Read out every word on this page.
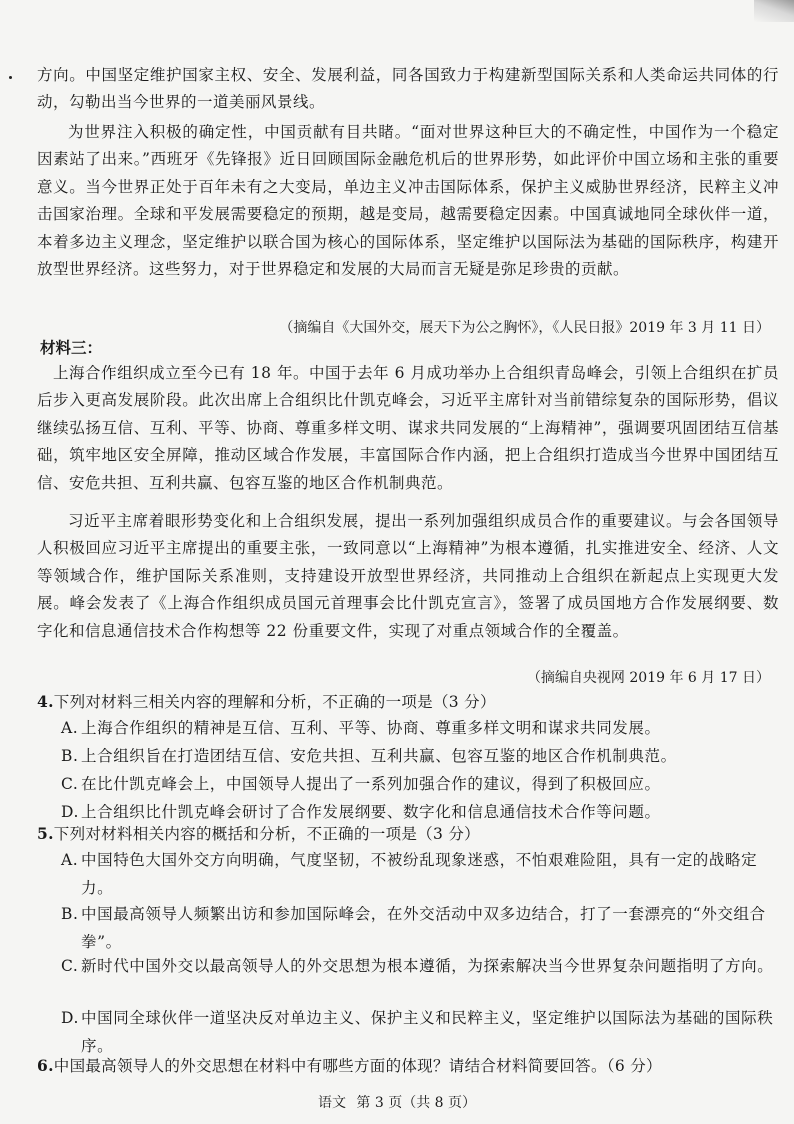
方向。中国坚定维护国家主权、安全、发展利益，同各国致力于构建新型国际关系和人类命运共同体的行动，勾勒出当今世界的一道美丽风景线。

为世界注入积极的确定性，中国贡献有目共睹。“面对世界这种巨大的不确定性，中国作为一个稳定因素站了出来。”西班牙《先锋报》近日回顾国际金融危机后的世界形势，如此评价中国立场和主张的重要意义。当今世界正处于百年未有之大变局，单边主义冲击国际体系，保护主义威胁世界经济，民粹主义冲击国家治理。全球和平发展需要稳定的预期，越是变局，越需要稳定因素。中国真诚地同全球伙伴一道，本着多边主义理念，坚定维护以联合国为核心的国际体系，坚定维护以国际法为基础的国际秩序，构建开放型世界经济。这些努力，对于世界稳定和发展的大局而言无疑是弥足珍贵的贡献。

（摘编自《大国外交，展天下为公之胸怀》，《人民日报》2019 年 3 月 11 日）

材料三：

上海合作组织成立至今已有 18 年。中国于去年 6 月成功举办上合组织青岛峰会，引领上合组织在扩员后步入更高发展阶段。此次出席上合组织比什凯克峰会，习近平主席针对当前错综复杂的国际形势，倡议继续弘扬互信、互利、平等、协商、尊重多样文明、谋求共同发展的“上海精神”，强调要巩固团结互信基础，筑牢地区安全屏障，推动区域合作发展，丰富国际合作内涵，把上合组织打造成当今世界中国团结互信、安危共担、互利共赢、包容互鉴的地区合作机制典范。

习近平主席着眼形势变化和上合组织发展，提出一系列加强组织成员合作的重要建议。与会各国领导人积极回应习近平主席提出的重要主张，一致同意以“上海精神”为根本遵循，扎实推进安全、经济、人文等领域合作，维护国际关系准则，支持建设开放型世界经济，共同推动上合组织在新起点上实现更大发展。峰会发表了《上海合作组织成员国元首理事会比什凯克宣言》，签署了成员国地方合作发展纲要、数字化和信息通信技术合作构想等 22 份重要文件，实现了对重点领域合作的全覆盖。

（摘编自央视网 2019 年 6 月 17 日）

4.下列对材料三相关内容的理解和分析，不正确的一项是（3 分）

A. 上海合作组织的精神是互信、互利、平等、协商、尊重多样文明和谋求共同发展。
B. 上合组织旨在打造团结互信、安危共担、互利共赢、包容互鉴的地区合作机制典范。
C. 在比什凯克峰会上，中国领导人提出了一系列加强合作的建议，得到了积极回应。
D. 上合组织比什凯克峰会研讨了合作发展纲要、数字化和信息通信技术合作等问题。

5.下列对材料相关内容的概括和分析，不正确的一项是（3 分）

A. 中国特色大国外交方向明确，气度坚韧，不被纷乱现象迷惑，不怕艰难险阻，具有一定的战略定力。
B. 中国最高领导人频繁出访和参加国际峰会，在外交活动中双多边结合，打了一套漂亮的“外交组合拳”。
C. 新时代中国外交以最高领导人的外交思想为根本遵循，为探索解决当今世界复杂问题指明了方向。
D. 中国同全球伙伴一道坚决反对单边主义、保护主义和民粹主义，坚定维护以国际法为基础的国际秩序。

6.中国最高领导人的外交思想在材料中有哪些方面的体现？请结合材料简要回答。（6 分）

语文 第 3 页（共 8 页）
